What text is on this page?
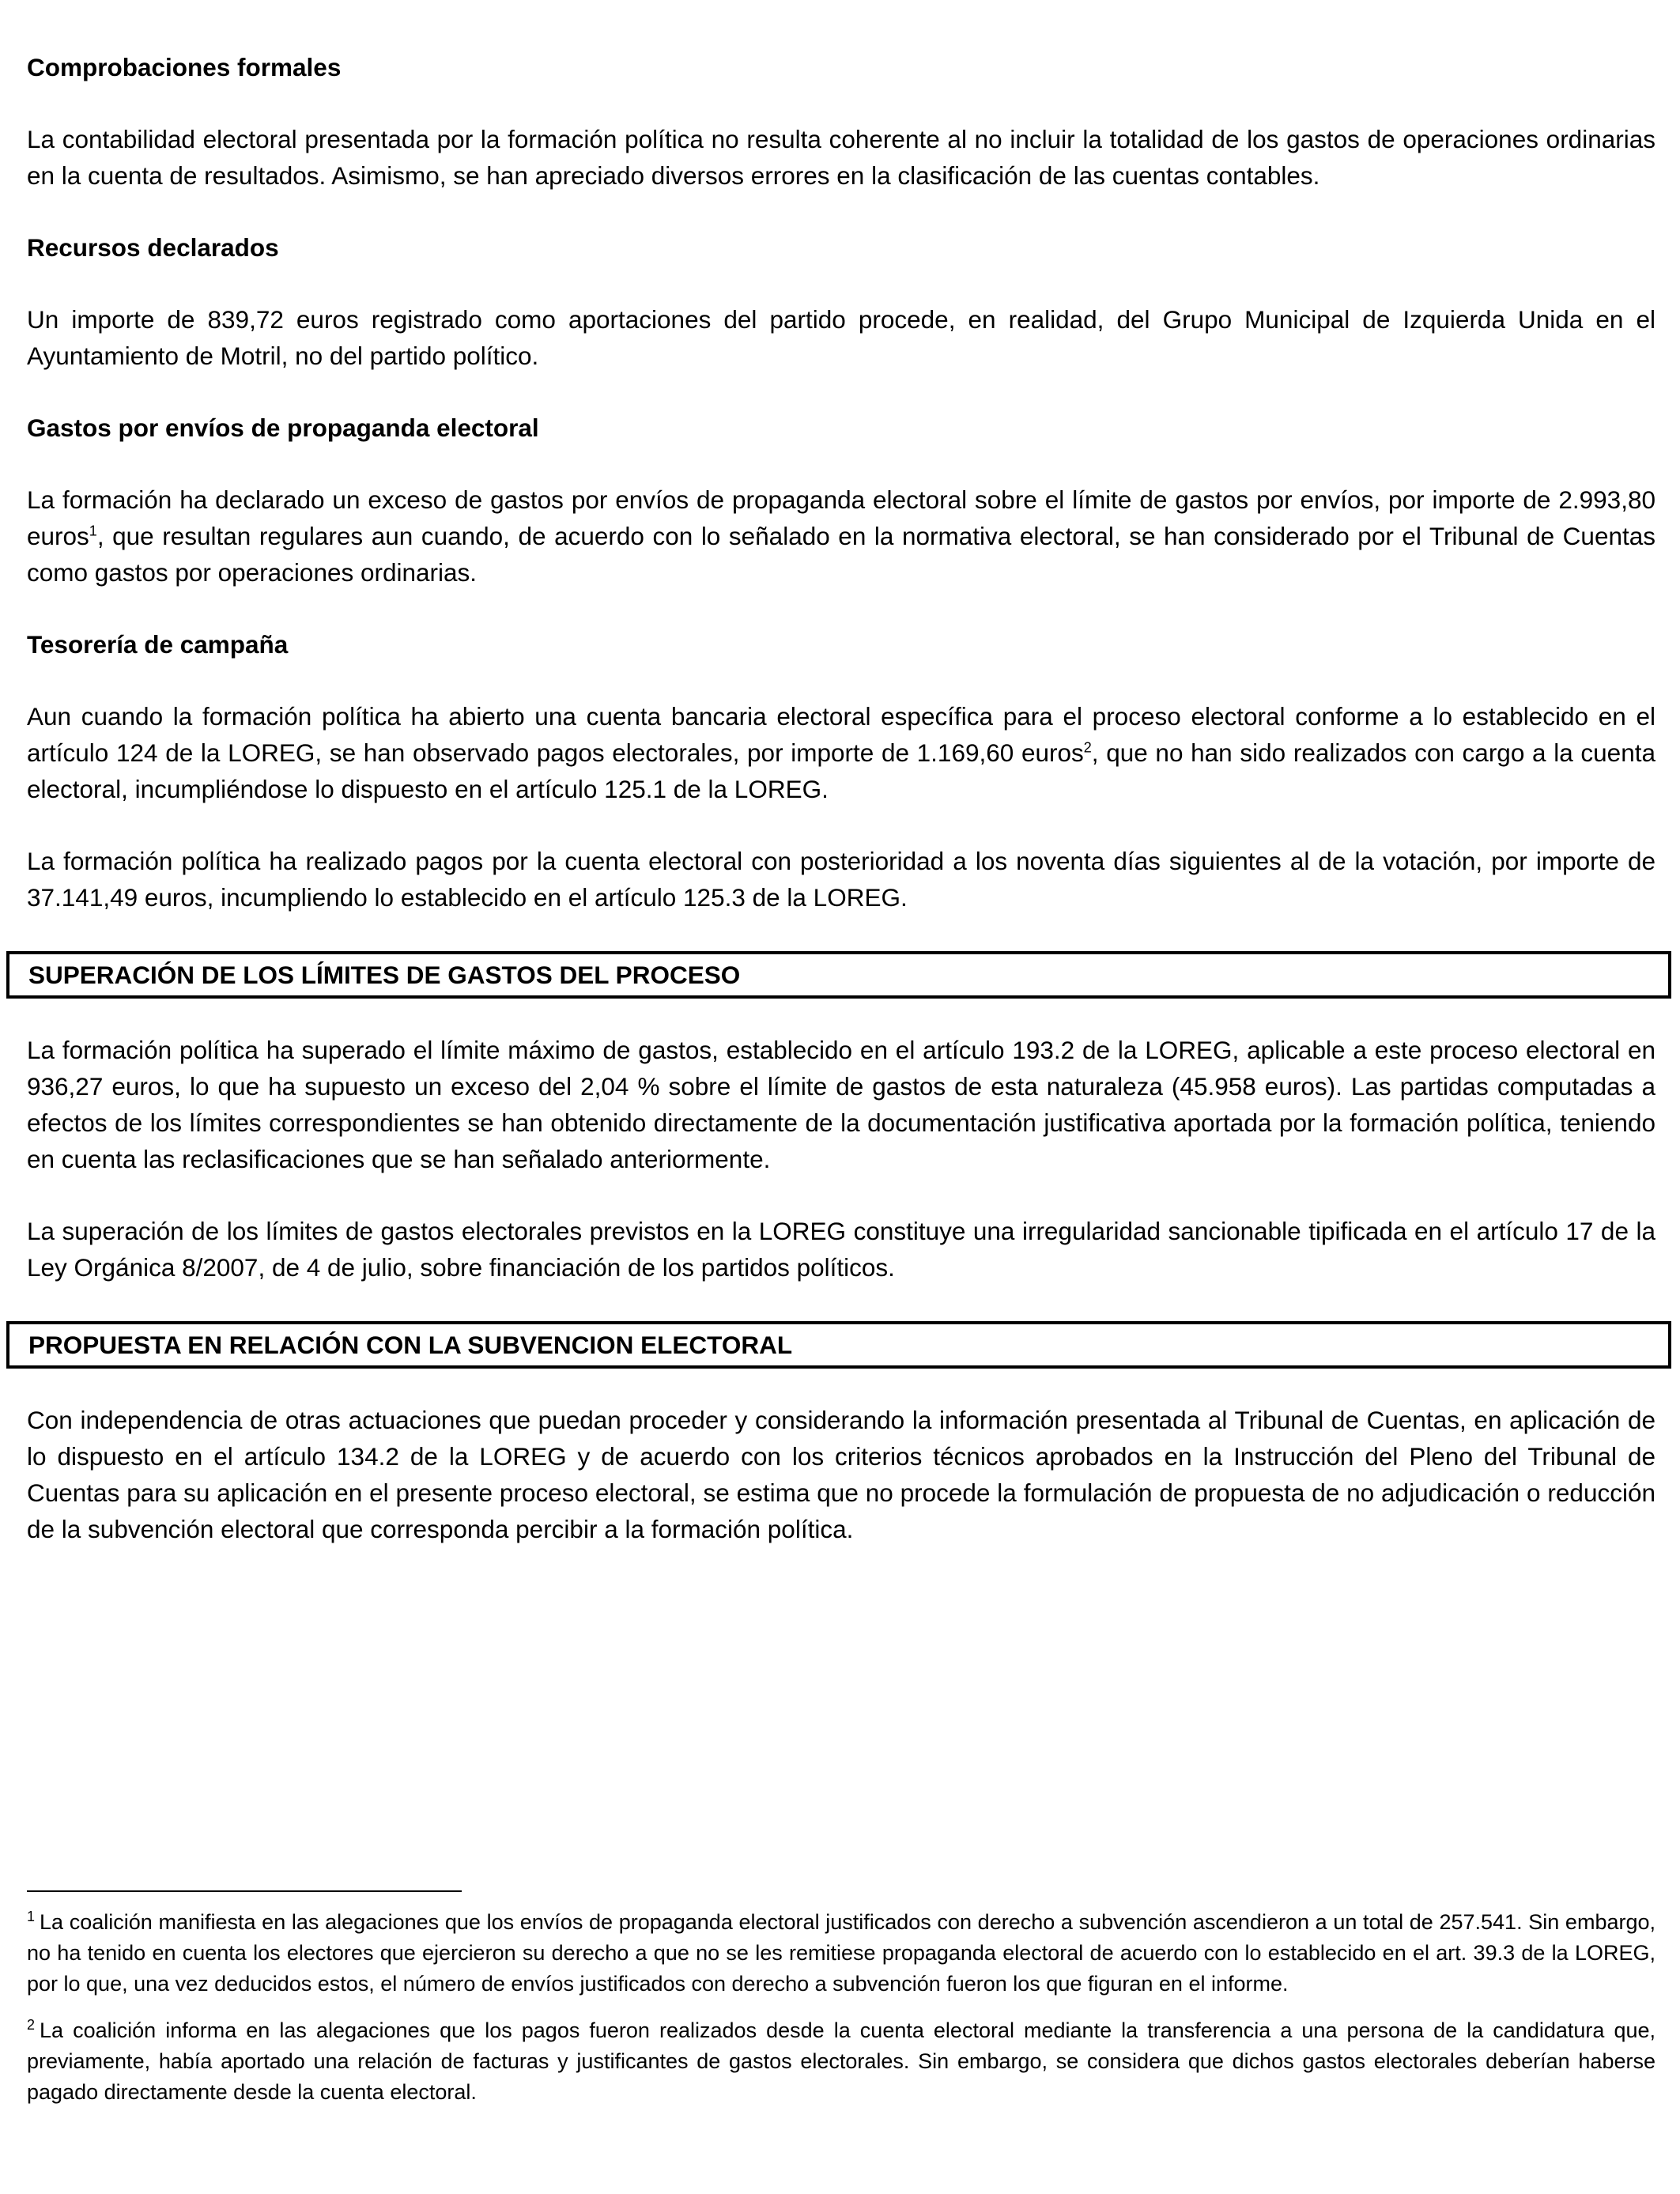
Comprobaciones formales

La contabilidad electoral presentada por la formación política no resulta coherente al no incluir la totalidad de los gastos de operaciones ordinarias en la cuenta de resultados. Asimismo, se han apreciado diversos errores en la clasificación de las cuentas contables.

Recursos declarados

Un importe de 839,72 euros registrado como aportaciones del partido procede, en realidad, del Grupo Municipal de Izquierda Unida en el Ayuntamiento de Motril, no del partido político.

Gastos por envíos de propaganda electoral

La formación ha declarado un exceso de gastos por envíos de propaganda electoral sobre el límite de gastos por envíos, por importe de 2.993,80 euros$^1$, que resultan regulares aun cuando, de acuerdo con lo señalado en la normativa electoral, se han considerado por el Tribunal de Cuentas como gastos por operaciones ordinarias.

Tesorería de campaña

Aun cuando la formación política ha abierto una cuenta bancaria electoral específica para el proceso electoral conforme a lo establecido en el artículo 124 de la LOREG, se han observado pagos electorales, por importe de 1.169,60 euros$^2$, que no han sido realizados con cargo a la cuenta electoral, incumpliéndose lo dispuesto en el artículo 125.1 de la LOREG.

La formación política ha realizado pagos por la cuenta electoral con posterioridad a los noventa días siguientes al de la votación, por importe de 37.141,49 euros, incumpliendo lo establecido en el artículo 125.3 de la LOREG.

SUPERACIÓN DE LOS LÍMITES DE GASTOS DEL PROCESO

La formación política ha superado el límite máximo de gastos, establecido en el artículo 193.2 de la LOREG, aplicable a este proceso electoral en 936,27 euros, lo que ha supuesto un exceso del 2,04 % sobre el límite de gastos de esta naturaleza (45.958 euros). Las partidas computadas a efectos de los límites correspondientes se han obtenido directamente de la documentación justificativa aportada por la formación política, teniendo en cuenta las reclasificaciones que se han señalado anteriormente.

La superación de los límites de gastos electorales previstos en la LOREG constituye una irregularidad sancionable tipificada en el artículo 17 de la Ley Orgánica 8/2007, de 4 de julio, sobre financiación de los partidos políticos.

PROPUESTA EN RELACIÓN CON LA SUBVENCION ELECTORAL

Con independencia de otras actuaciones que puedan proceder y considerando la información presentada al Tribunal de Cuentas, en aplicación de lo dispuesto en el artículo 134.2 de la LOREG y de acuerdo con los criterios técnicos aprobados en la Instrucción del Pleno del Tribunal de Cuentas para su aplicación en el presente proceso electoral, se estima que no procede la formulación de propuesta de no adjudicación o reducción de la subvención electoral que corresponda percibir a la formación política.

$^1$ La coalición manifiesta en las alegaciones que los envíos de propaganda electoral justificados con derecho a subvención ascendieron a un total de 257.541. Sin embargo, no ha tenido en cuenta los electores que ejercieron su derecho a que no se les remitiese propaganda electoral de acuerdo con lo establecido en el art. 39.3 de la LOREG, por lo que, una vez deducidos estos, el número de envíos justificados con derecho a subvención fueron los que figuran en el informe.

$^2$ La coalición informa en las alegaciones que los pagos fueron realizados desde la cuenta electoral mediante la transferencia a una persona de la candidatura que, previamente, había aportado una relación de facturas y justificantes de gastos electorales. Sin embargo, se considera que dichos gastos electorales deberían haberse pagado directamente desde la cuenta electoral.
